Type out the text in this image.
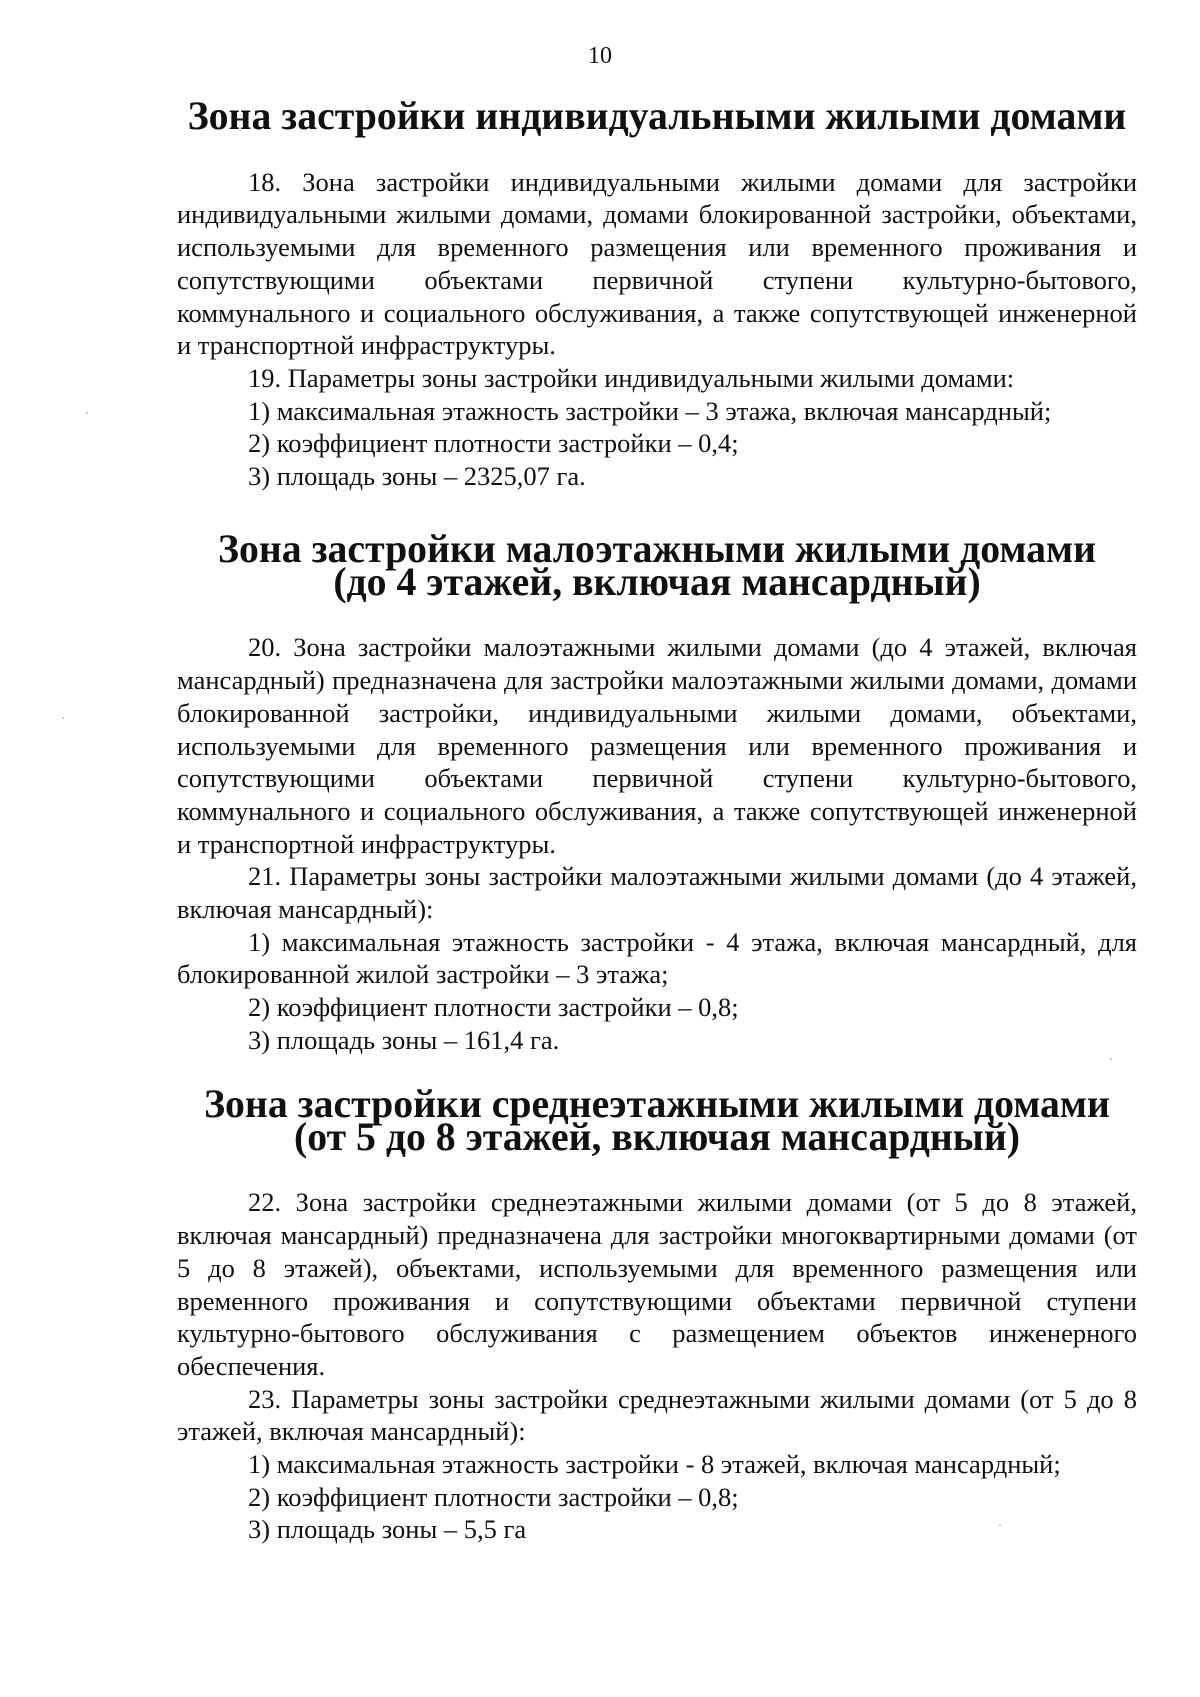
10
Зона застройки индивидуальными жилыми домами

18. Зона застройки индивидуальными жилыми домами для застройки индивидуальными жилыми домами, домами блокированной застройки, объектами, используемыми для временного размещения или временного проживания и сопутствующими объектами первичной ступени культурно-бытового, коммунального и социального обслуживания, а также сопутствующей инженерной и транспортной инфраструктуры.

19. Параметры зоны застройки индивидуальными жилыми домами:

1) максимальная этажность застройки – 3 этажа, включая мансардный;

2) коэффициент плотности застройки – 0,4;

3) площадь зоны – 2325,07 га.

Зона застройки малоэтажными жилыми домами
(до 4 этажей, включая мансардный)

20. Зона застройки малоэтажными жилыми домами (до 4 этажей, включая мансардный) предназначена для застройки малоэтажными жилыми домами, домами блокированной застройки, индивидуальными жилыми домами, объектами, используемыми для временного размещения или временного проживания и сопутствующими объектами первичной ступени культурно-бытового, коммунального и социального обслуживания, а также сопутствующей инженерной и транспортной инфраструктуры.

21. Параметры зоны застройки малоэтажными жилыми домами (до 4 этажей, включая мансардный):

1) максимальная этажность застройки - 4 этажа, включая мансардный, для блокированной жилой застройки – 3 этажа;

2) коэффициент плотности застройки – 0,8;

3) площадь зоны – 161,4 га.

Зона застройки среднеэтажными жилыми домами
(от 5 до 8 этажей, включая мансардный)

22. Зона застройки среднеэтажными жилыми домами (от 5 до 8 этажей, включая мансардный) предназначена для застройки многоквартирными домами (от 5 до 8 этажей), объектами, используемыми для временного размещения или временного проживания и сопутствующими объектами первичной ступени культурно-бытового обслуживания с размещением объектов инженерного обеспечения.

23. Параметры зоны застройки среднеэтажными жилыми домами (от 5 до 8 этажей, включая мансардный):

1) максимальная этажность застройки - 8 этажей, включая мансардный;

2) коэффициент плотности застройки – 0,8;

3) площадь зоны – 5,5 га
